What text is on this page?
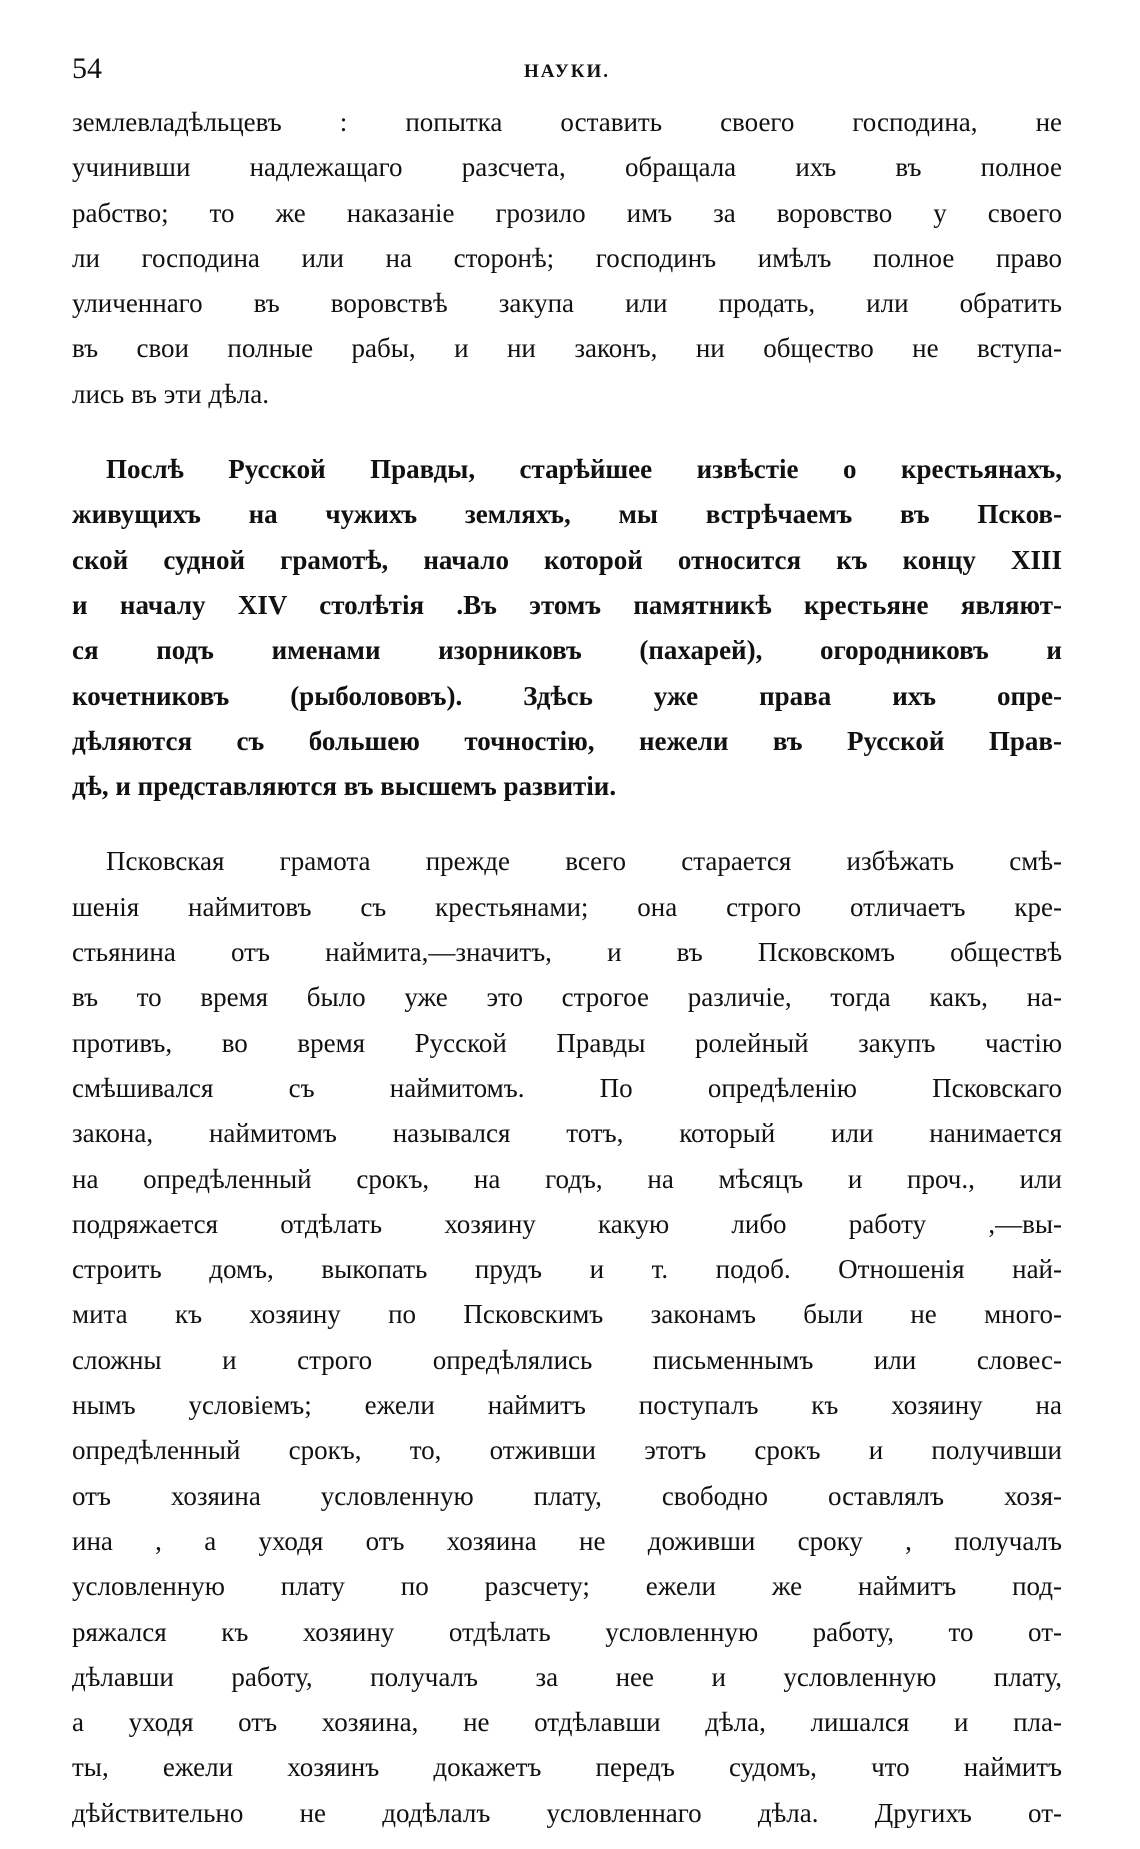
54	НАУКИ.
землевладѣльцевъ : попытка оставить своего господина, не
учинивши надлежащаго разсчета, обращала ихъ въ полное
рабство; то же наказаніе грозило имъ за воровство у своего
ли господина или на сторонѣ; господинъ имѣлъ полное право
уличеннаго въ воровствѣ закупа или продать, или обратить
въ свои полные рабы, и ни законъ, ни общество не вступа-
лись въ эти дѣла.
Послѣ Русской Правды, старѣйшее извѣстіе о крестьянахъ,
живущихъ на чужихъ земляхъ, мы встрѣчаемъ въ Псков-
ской судной грамотѣ, начало которой относится къ концу XIII
и началу XIV столѣтія .Въ этомъ памятникѣ крестьяне являют-
ся подъ именами изорниковъ (пахарей), огородниковъ и
кочетниковъ (рыболововъ). Здѣсь уже права ихъ опре-
дѣляются съ большею точностію, нежели въ Русской Прав-
дѣ, и представляются въ высшемъ развитіи.
Псковская грамота прежде всего старается избѣжать смѣ-
шенія наймитовъ съ крестьянами; она строго отличаетъ кре-
стьянина отъ наймита,—значитъ, и въ Псковскомъ обществѣ
въ то время было уже это строгое различіе, тогда какъ, на-
противъ, во время Русской Правды ролейный закупъ частію
смѣшивался съ наймитомъ. По опредѣленію Псковскаго
закона, наймитомъ назывался тотъ, который или нанимается
на опредѣленный срокъ, на годъ, на мѣсяцъ и проч., или
подряжается отдѣлать хозяину какую либо работу ,—вы-
строить домъ, выкопать прудъ и т. подоб. Отношенія най-
мита къ хозяину по Псковскимъ законамъ были не много-
сложны и строго опредѣлялись письменнымъ или словес-
нымъ условіемъ; ежели наймитъ поступалъ къ хозяину на
опредѣленный срокъ, то, отживши этотъ срокъ и получивши
отъ хозяина условленную плату, свободно оставлялъ хозя-
ина , а уходя отъ хозяина не доживши сроку , получалъ
условленную плату по разсчету; ежели же наймитъ под-
ряжался къ хозяину отдѣлать условленную работу, то от-
дѣлавши работу, получалъ за нее и условленную плату,
а уходя отъ хозяина, не отдѣлавши дѣла, лишался и пла-
ты, ежели хозяинъ докажетъ передъ судомъ, что наймитъ
дѣйствительно не додѣлалъ условленнаго дѣла. Другихъ от-
